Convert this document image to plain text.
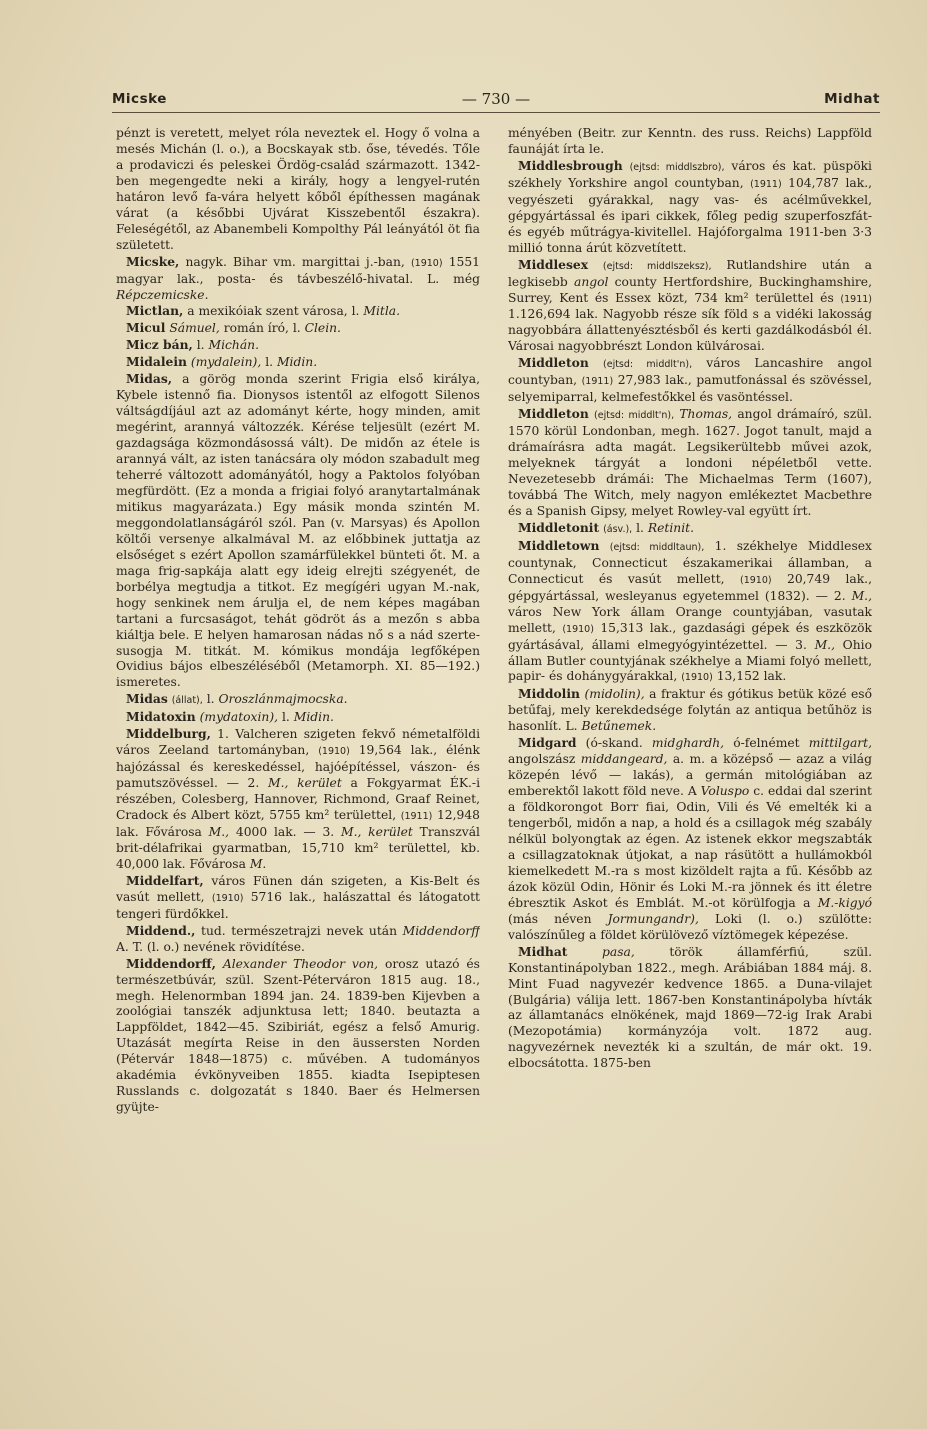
Micske	— 730 —	Midhat

pénzt is veretett, melyet róla neveztek el. Hogy ő volna a mesés Michán (l. o.), a Bocskayak stb. őse, tévedés. Tőle a prodaviczi és peleskei Ördög-család származott. 1342-ben megengedte neki a király, hogy a lengyel-rutén határon levő fa-vára helyett kőből építhessen magának várat (a későbbi Ujvárat Kisszebentől északra). Feleségétől, az Abanembeli Kompolthy Pál leányától öt fia született.

Micske, nagyk. Bihar vm. margittai j.-ban, (1910) 1551 magyar lak., posta- és távbeszélő-hivatal. L. még Répczemicske.

Mictlan, a mexikóiak szent városa, l. Mitla.

Micul Sámuel, román író, l. Clein.

Micz bán, l. Michán.

Midalein (mydalein), l. Midin.

Midas, a görög monda szerint Frigia első királya, Kybele istennő fia. Dionysos istentől az elfogott Silenos váltságdíjául azt az adományt kérte, hogy minden, amit megérint, arannyá változzék. Kérése teljesült (ezért M. gazdagsága közmondásossá vált). De midőn az étele is arannyá vált, az isten tanácsára oly módon szabadult meg teherré változott adományától, hogy a Paktolos folyóban megfürdött. (Ez a monda a frigiai folyó aranytartalmának mitikus magyarázata.) Egy másik monda szintén M. meggondolatlanságáról szól. Pan (v. Marsyas) és Apollon költői versenye alkalmával M. az előbbinek juttatja az elsőséget s ezért Apollon szamárfülekkel bünteti őt. M. a maga frig-sapkája alatt egy ideig elrejti szégyenét, de borbélya megtudja a titkot. Ez megígéri ugyan M.-nak, hogy senkinek nem árulja el, de nem képes magában tartani a furcsaságot, tehát gödröt ás a mezőn s abba kiáltja bele. E helyen hamarosan nádas nő s a nád szerte-susogja M. titkát. M. kómikus mondája legfőképen Ovidius bájos elbeszéléséből (Metamorph. XI. 85—192.) ismeretes.

Midas (állat), l. Oroszlánmajmocska.

Midatoxin (mydatoxin), l. Midin.

Middelburg, 1. Valcheren szigeten fekvő németalföldi város Zeeland tartományban, (1910) 19,564 lak., élénk hajózással és kereskedéssel, hajóépítéssel, vászon- és pamutszövéssel. — 2. M., kerület a Fokgyarmat ÉK.-i részében, Colesberg, Hannover, Richmond, Graaf Reinet, Cradock és Albert közt, 5755 km² területtel, (1911) 12,948 lak. Fővárosa M., 4000 lak. — 3. M., kerület Transzvál brit-délafrikai gyarmatban, 15,710 km² területtel, kb. 40,000 lak. Fővárosa M.

Middelfart, város Fünen dán szigeten, a Kis-Belt és vasút mellett, (1910) 5716 lak., halászattal és látogatott tengeri fürdőkkel.

Middend., tud. természetrajzi nevek után Middendorff A. T. (l. o.) nevének rövidítése.

Middendorff, Alexander Theodor von, orosz utazó és természetbúvár, szül. Szent-Péterváron 1815 aug. 18., megh. Helenormban 1894 jan. 24. 1839-ben Kijevben a zoológiai tanszék adjunktusa lett; 1840. beutazta a Lappföldet, 1842—45. Szibiriát, egész a felső Amurig. Utazását megírta Reise in den äussersten Norden (Pétervár 1848—1875) c. művében. A tudományos akadémia évkönyveiben 1855. kiadta Isepiptesen Russlands c. dolgozatát s 1840. Baer és Helmersen gyüjte-

ményében (Beitr. zur Kenntn. des russ. Reichs) Lappföld faunáját írta le.

Middlesbrough (ejtsd: middlszbro), város és kat. püspöki székhely Yorkshire angol countyban, (1911) 104,787 lak., vegyészeti gyárakkal, nagy vas- és acélművekkel, gépgyártással és ipari cikkek, főleg pedig szuperfoszfát- és egyéb műtrágya-kivitellel. Hajóforgalma 1911-ben 3·3 millió tonna árút közvetített.

Middlesex (ejtsd: middlszeksz), Rutlandshire után a legkisebb angol county Hertfordshire, Buckinghamshire, Surrey, Kent és Essex közt, 734 km² területtel és (1911) 1.126,694 lak. Nagyobb része sík föld s a vidéki lakosság nagyobbára állattenyésztésből és kerti gazdálkodásból él. Városai nagyobbrészt London külvárosai.

Middleton (ejtsd: middlt'n), város Lancashire angol countyban, (1911) 27,983 lak., pamutfonással és szövéssel, selyemiparral, kelmefestőkkel és vasöntéssel.

Middleton (ejtsd: middlt'n), Thomas, angol drámaíró, szül. 1570 körül Londonban, megh. 1627. Jogot tanult, majd a drámaírásra adta magát. Legsikerültebb művei azok, melyeknek tárgyát a londoni népéletből vette. Nevezetesebb drámái: The Michaelmas Term (1607), továbbá The Witch, mely nagyon emlékeztet Macbethre és a Spanish Gipsy, melyet Rowley-val együtt írt.

Middletonit (ásv.), l. Retinit.

Middletown (ejtsd: middltaun), 1. székhelye Middlesex countynak, Connecticut északamerikai államban, a Connecticut és vasút mellett, (1910) 20,749 lak., gépgyártással, wesleyanus egyetemmel (1832). — 2. M., város New York állam Orange countyjában, vasutak mellett, (1910) 15,313 lak., gazdasági gépek és eszközök gyártásával, állami elmegyógyintézettel. — 3. M., Ohio állam Butler countyjának székhelye a Miami folyó mellett, papir- és dohánygyárakkal, (1910) 13,152 lak.

Middolin (midolin), a fraktur és gótikus betük közé eső betűfaj, mely kerekdedsége folytán az antiqua betűhöz is hasonlít. L. Betűnemek.

Midgard (ó-skand. midghardh, ó-felnémet mittilgart, angolszász middangeard, a. m. a középső — azaz a világ közepén lévő — lakás), a germán mitológiában az emberektől lakott föld neve. A Voluspo c. eddai dal szerint a földkorongot Borr fiai, Odin, Vili és Vé emelték ki a tengerből, midőn a nap, a hold és a csillagok még szabály nélkül bolyongtak az égen. Az istenek ekkor megszabták a csillagzatoknak útjokat, a nap rásütött a hullámokból kiemelkedett M.-ra s most kizöldelt rajta a fű. Később az ázok közül Odin, Hönir és Loki M.-ra jönnek és itt életre ébresztik Askot és Emblát. M.-ot körülfogja a M.-kigyó (más néven Jormungandr), Loki (l. o.) szülötte: valószínűleg a földet körülövező víztömegek képezése.

Midhat	pasa, török államférfiú, szül. Konstantinápolyban 1822., megh. Arábiában 1884 máj. 8. Mint Fuad nagyvezér kedvence 1865. a Duna-vilajet (Bulgária) válija lett. 1867-ben Konstantinápolyba hívták az államtanács elnökének, majd 1869—72-ig Irak Arabi (Mezopotámia) kormányzója volt. 1872 aug. nagyvezérnek nevezték ki a szultán, de már okt. 19. elbocsátotta. 1875-ben
